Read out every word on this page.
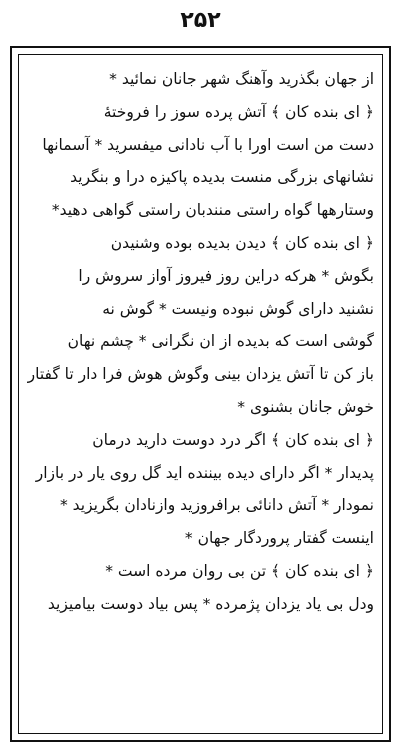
۲۵۲
از جهان بگذرید وآهنگ شهر جانان نمائید *
﴿ ای بنده کان ﴾ آتش پرده سوز را فروختهٔ
دست من است اورا با آب نادانی میفسرید * آسمانها
نشانهای بزرگی منست بدیده پاکیزه درا و بنگرید
وستارهها گواه راستی منندبان راستی گواهی دهید*
﴿ ای بنده کان ﴾ دیدن بدیده بوده وشنیدن
بگوش * هرکه دراین روز فیروز آواز سروش را
نشنید دارای گوش نبوده ونیست * گوش نه
گوشی است که بدیده از ان نگرانی * چشم نهان
باز کن تا آتش یزدان بینی وگوش هوش فرا دار تا گفتار
خوش جانان بشنوی *
﴿ ای بنده کان ﴾ اگر درد دوست دارید درمان
پدیدار * اگر دارای دیده بیننده اید گل روی یار در بازار
نمودار * آتش دانائی برافروزید وازنادان بگریزید *
اینست گفتار پروردگار جهان *
﴿ ای بنده کان ﴾ تن بی روان مرده است *
ودل بی یاد یزدان پژمرده * پس بیاد دوست بیامیزید
